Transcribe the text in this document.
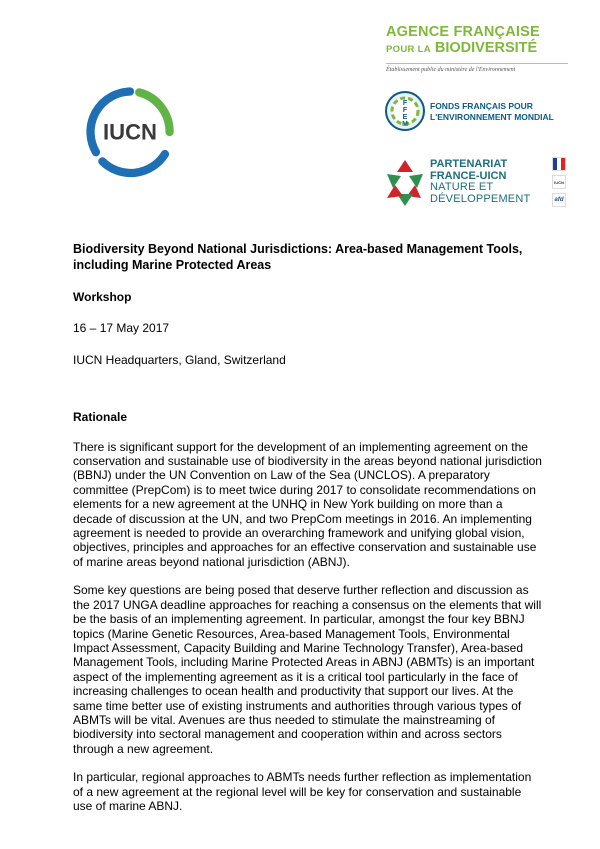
IUCN
AGENCE FRANÇAISE
POUR LA BIODIVERSITÉ
Établissement public du ministère de l'Environnement
F
F
E
M
FONDS FRANÇAIS POUR
L'ENVIRONNEMENT MONDIAL
PARTENARIAT
FRANCE-UICN
NATURE ET
DÉVELOPPEMENT
IUCN
afd
Biodiversity Beyond National Jurisdictions: Area-based Management Tools, including Marine Protected Areas
Workshop
16 – 17 May 2017
IUCN Headquarters, Gland, Switzerland
Rationale

There is significant support for the development of an implementing agreement on the conservation and sustainable use of biodiversity in the areas beyond national jurisdiction (BBNJ) under the UN Convention on Law of the Sea (UNCLOS). A preparatory committee (PrepCom) is to meet twice during 2017 to consolidate recommendations on elements for a new agreement at the UNHQ in New York building on more than a decade of discussion at the UN, and two PrepCom meetings in 2016. An implementing agreement is needed to provide an overarching framework and unifying global vision, objectives, principles and approaches for an effective conservation and sustainable use of marine areas beyond national jurisdiction (ABNJ).

Some key questions are being posed that deserve further reflection and discussion as the 2017 UNGA deadline approaches for reaching a consensus on the elements that will be the basis of an implementing agreement. In particular, amongst the four key BBNJ topics (Marine Genetic Resources, Area-based Management Tools, Environmental Impact Assessment, Capacity Building and Marine Technology Transfer), Area-based Management Tools, including Marine Protected Areas in ABNJ (ABMTs) is an important aspect of the implementing agreement as it is a critical tool particularly in the face of increasing challenges to ocean health and productivity that support our lives. At the same time better use of existing instruments and authorities through various types of ABMTs will be vital. Avenues are thus needed to stimulate the mainstreaming of biodiversity into sectoral management and cooperation within and across sectors through a new agreement.

In particular, regional approaches to ABMTs needs further reflection as implementation of a new agreement at the regional level will be key for conservation and sustainable use of marine ABNJ.
